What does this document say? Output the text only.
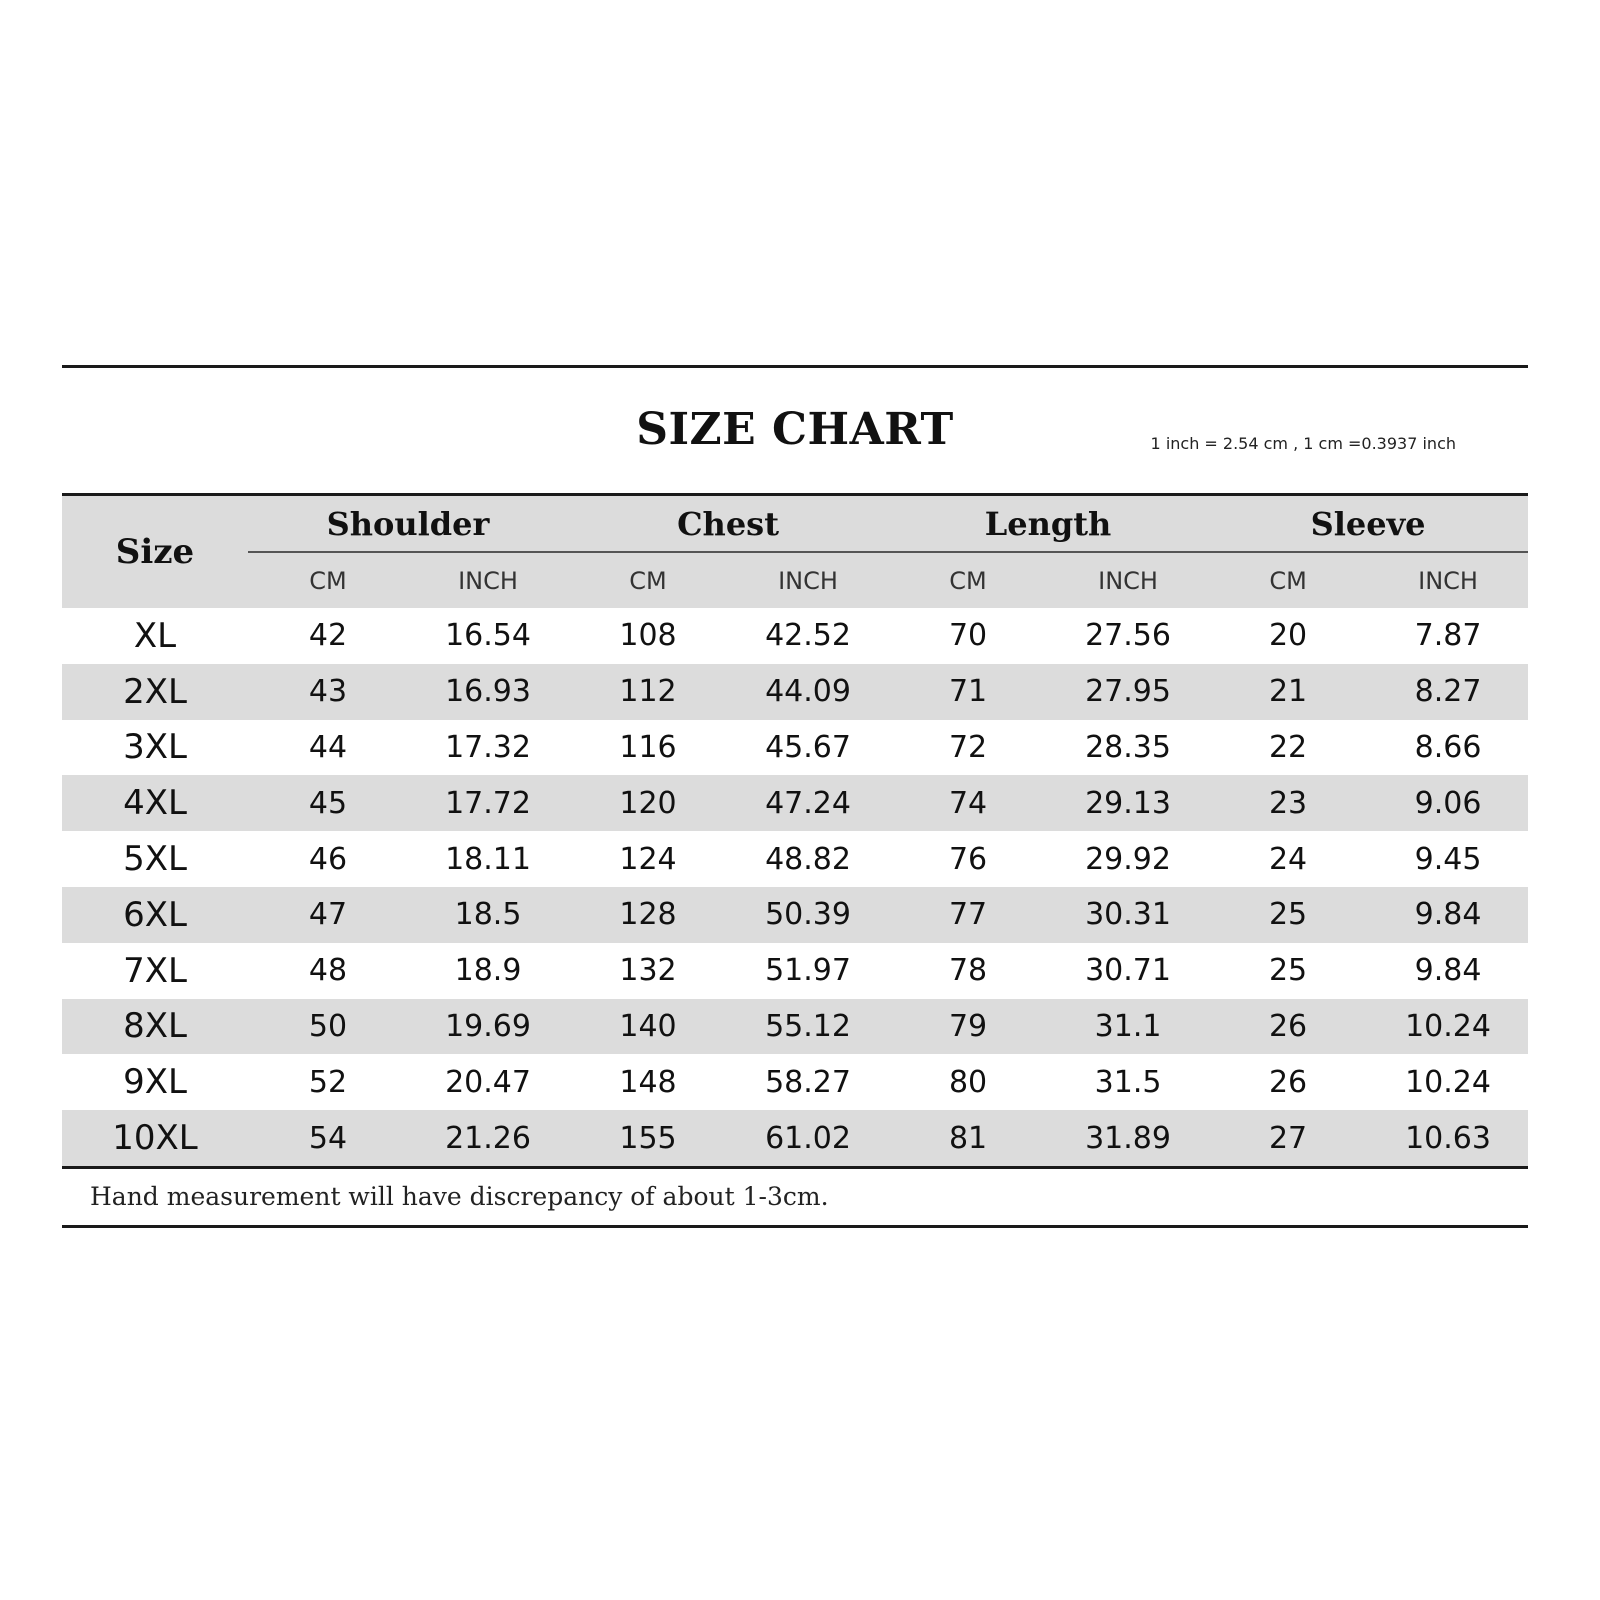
SIZE CHART	1 inch = 2.54 cm , 1 cm =0.3937 inch
Size	Shoulder		Chest		Length		Sleeve	
	CM	INCH	CM	INCH	CM	INCH	CM	INCH
XL	42	16.54	108	42.52	70	27.56	20	7.87
2XL	43	16.93	112	44.09	71	27.95	21	8.27
3XL	44	17.32	116	45.67	72	28.35	22	8.66
4XL	45	17.72	120	47.24	74	29.13	23	9.06
5XL	46	18.11	124	48.82	76	29.92	24	9.45
6XL	47	18.5	128	50.39	77	30.31	25	9.84
7XL	48	18.9	132	51.97	78	30.71	25	9.84
8XL	50	19.69	140	55.12	79	31.1	26	10.24
9XL	52	20.47	148	58.27	80	31.5	26	10.24
10XL	54	21.26	155	61.02	81	31.89	27	10.63
Hand measurement will have discrepancy of about 1-3cm.
